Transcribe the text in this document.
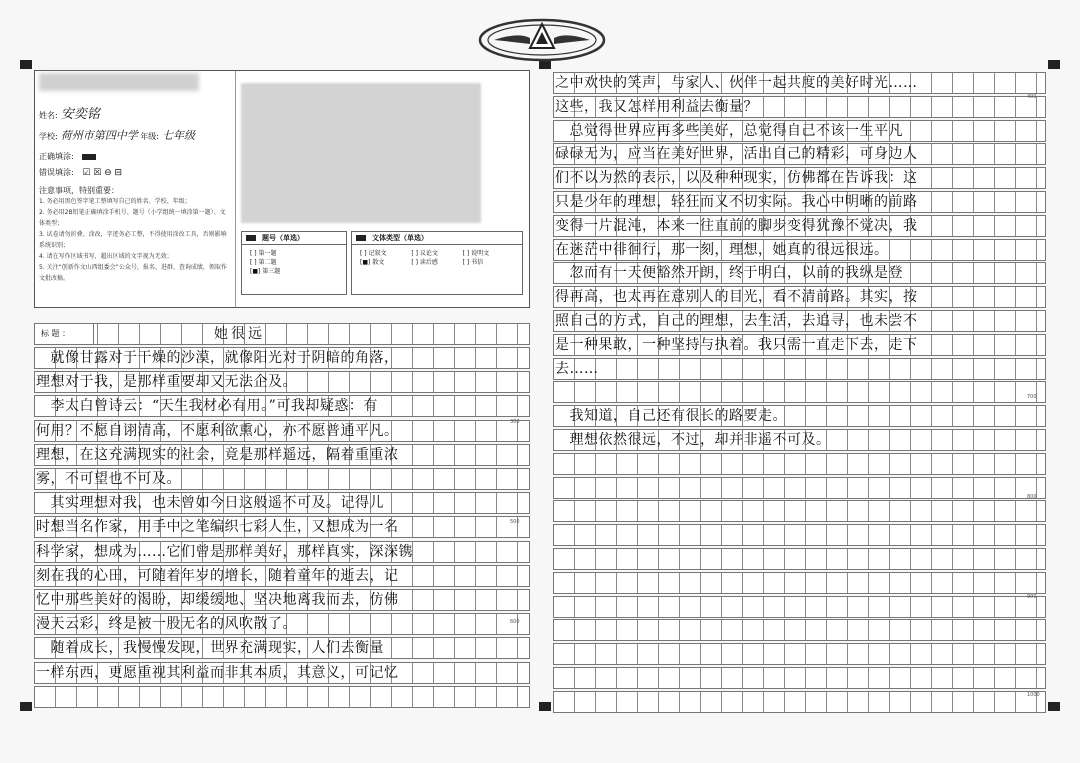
姓名: 安奕铭
学校: 荷州市第四中学 年级: 七年级
正确填涂:
错误填涂: ☑ ☒ ⊖ ⊟
注意事项，特别重要：
1. 务必用黑色签字笔工整填写自己的姓名、学校、年级；
2. 务必用2B铅笔正确填涂手机号、题号（小学组统一填涂第一题）、文体类型；
3. 试卷请勿折叠、涂改，字迹务必工整，不得使用涂改工具，否则影响系统识别；
4. 请在写作区域书写，超出区域的文字视为无效；
5. 关注“创新作文山西组委会”公众号，报名、进群、查询成绩，领取作文批改稿。
题号（单选）
[ ] 第一题
[ ] 第二题
[■] 第三题
文体类型（单选）
[ ] 记叙文	[ ] 议论文	[ ] 说明文
[■] 散文	[ ] 读后感	[ ] 书信
标 题 ：	她很远
　就像甘露对于干燥的沙漠，就像阳光对于阴暗的角落，
理想对于我，是那样重要却又无法企及。
　李太白曾诗云：“天生我材必有用。”可我却疑惑：有
何用？不愿自诩清高，不愿利欲熏心，亦不愿普通平凡。
理想，在这充满现实的社会，竟是那样遥远，隔着重重浓
雾，不可望也不可及。
　其实理想对我，也未曾如今日这般遥不可及。记得儿
时想当名作家，用手中之笔编织七彩人生，又想成为一名
科学家，想成为……它们曾是那样美好，那样真实，深深镌
刻在我的心田，可随着年岁的增长，随着童年的逝去，记
忆中那些美好的渴盼，却缓缓地、坚决地离我而去，仿佛
漫天云彩，终是被一股无名的风吹散了。
　随着成长，我慢慢发现，世界充满现实，人们去衡量
一样东西，更愿重视其利益而非其本质，其意义，可记忆
之中欢快的笑声，与家人、伙伴一起共度的美好时光……
这些，我又怎样用利益去衡量？
　总觉得世界应再多些美好，总觉得自己不该一生平凡
碌碌无为，应当在美好世界，活出自己的精彩，可身边人
们不以为然的表示，以及种种现实，仿佛都在告诉我：这
只是少年的理想，轻狂而又不切实际。我心中明晰的前路
变得一片混沌，本来一往直前的脚步变得犹豫不觉决，我
在迷茫中徘徊行，那一刻，理想，她真的很远很远。
　忽而有一天便豁然开朗，终于明白，以前的我纵是登
得再高，也太再在意别人的目光，看不清前路。其实，按
照自己的方式，自己的理想，去生活，去追寻，也未尝不
是一种果敢，一种坚持与执着。我只需一直走下去，走下
去……
　我知道，自己还有很长的路要走。
　理想依然很远，不过，却并非遥不可及。
300
500
600
400
700
800
900
1000
